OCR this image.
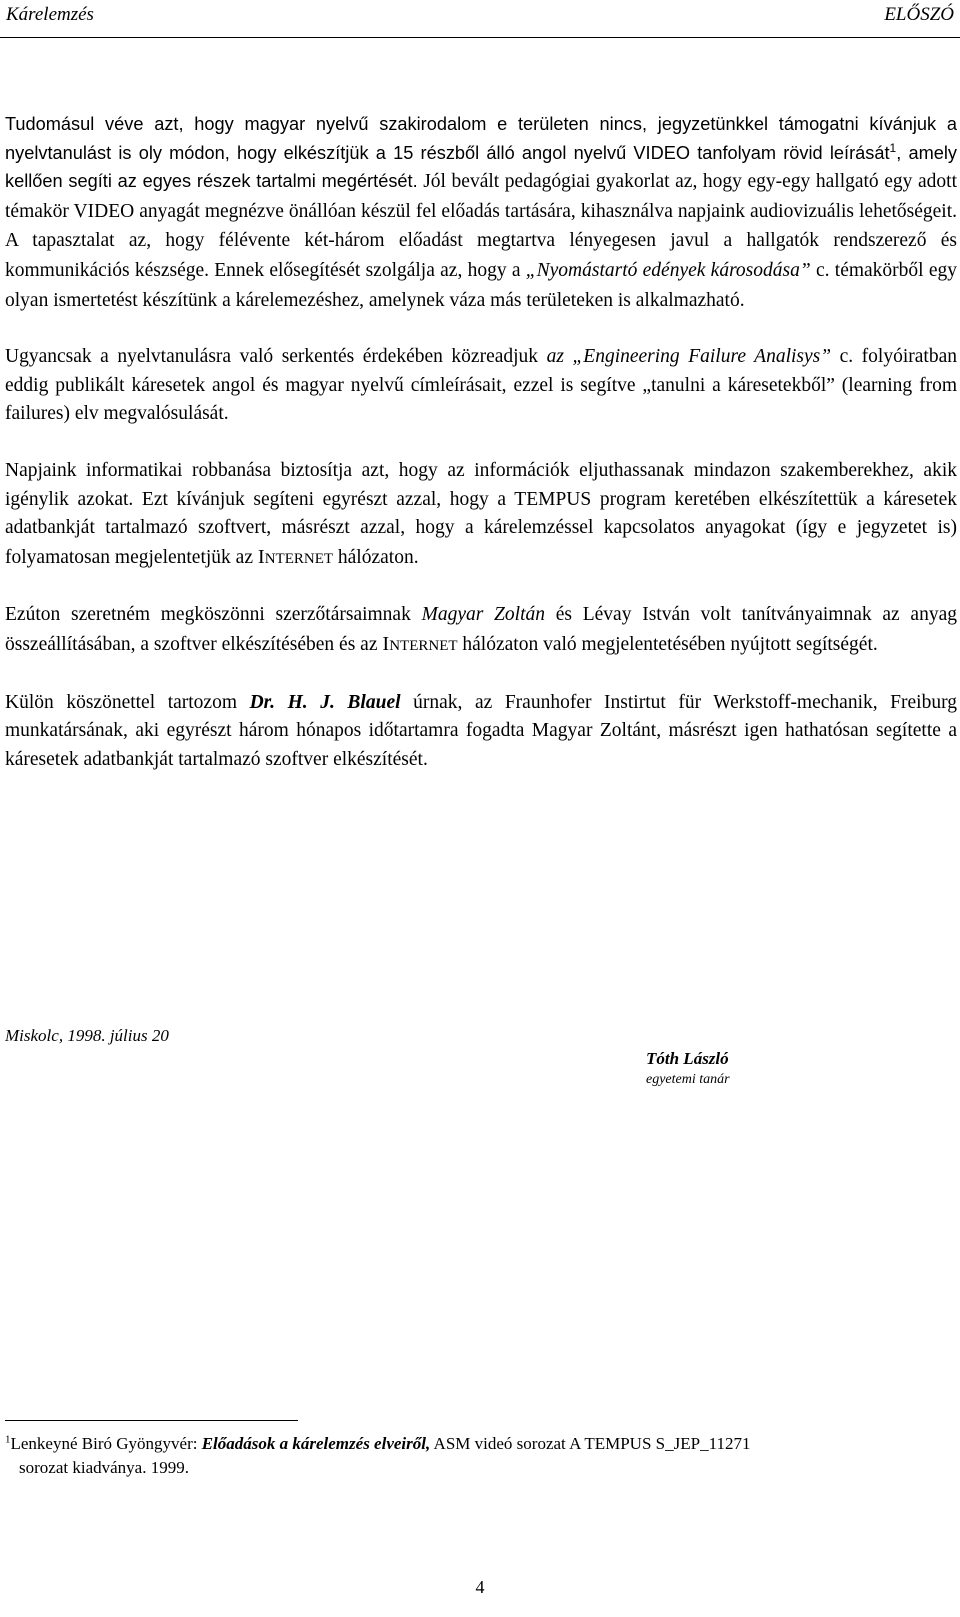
Kárelemzés	ELŐSZÓ

Tudomásul véve azt, hogy magyar nyelvű szakirodalom e területen nincs, jegyzetünkkel támogatni kívánjuk a nyelvtanulást is oly módon, hogy elkészítjük a 15 részből álló angol nyelvű VIDEO tanfolyam rövid leírását$^1$, amely kellően segíti az egyes részek tartalmi megértését. Jól bevált pedagógiai gyakorlat az, hogy egy-egy hallgató egy adott témakör VIDEO anyagát megnézve önállóan készül fel előadás tartására, kihasználva napjaink audiovizuális lehetőségeit. A tapasztalat az, hogy félévente két-három előadást megtartva lényegesen javul a hallgatók rendszerező és kommunikációs készsége. Ennek elősegítését szolgálja az, hogy a „Nyomástartó edények károsodása” c. témakörből egy olyan ismertetést készítünk a kárelemezéshez, amelynek váza más területeken is alkalmazható.

Ugyancsak a nyelvtanulásra való serkentés érdekében közreadjuk az „Engineering Failure Analisys” c. folyóiratban eddig publikált káresetek angol és magyar nyelvű címleírásait, ezzel is segítve „tanulni a káresetekből” (learning from failures) elv megvalósulását.

Napjaink informatikai robbanása biztosítja azt, hogy az információk eljuthassanak mindazon szakemberekhez, akik igénylik azokat. Ezt kívánjuk segíteni egyrészt azzal, hogy a TEMPUS program keretében elkészítettük a káresetek adatbankját tartalmazó szoftvert, másrészt azzal, hogy a kárelemzéssel kapcsolatos anyagokat (így e jegyzetet is) folyamatosan megjelentetjük az INTERNET hálózaton.

Ezúton szeretném megköszönni szerzőtársaimnak Magyar Zoltán és Lévay István volt tanítványaimnak az anyag összeállításában, a szoftver elkészítésében és az INTERNET hálózaton való megjelentetésében nyújtott segítségét.

Külön köszönettel tartozom Dr. H. J. Blauel úrnak, az Fraunhofer Instirtut für Werkstoff-mechanik, Freiburg munkatársának, aki egyrészt három hónapos időtartamra fogadta Magyar Zoltánt, másrészt igen hathatósan segítette a káresetek adatbankját tartalmazó szoftver elkészítését.

Miskolc, 1998. július 20
Tóth László
egyetemi tanár
$^1$Lenkeyné Biró Gyöngyvér: Előadások a kárelemzés elveiről, ASM videó sorozat A TEMPUS S_JEP_11271
sorozat kiadványa. 1999.
4
